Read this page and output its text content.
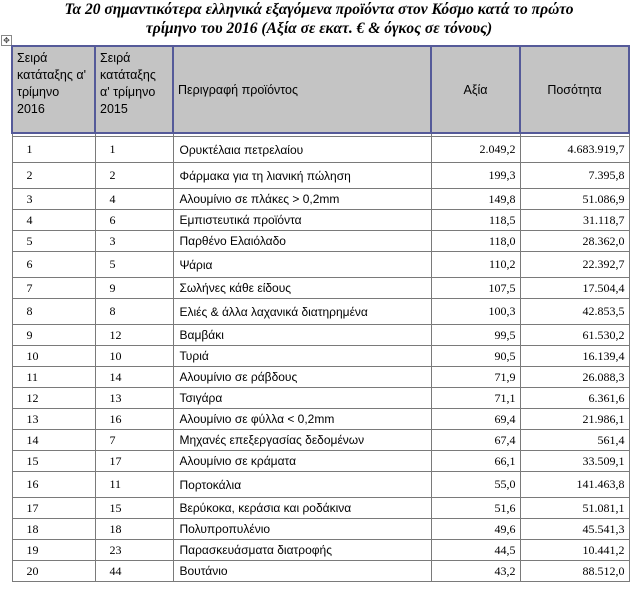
Τα 20 σημαντικότερα ελληνικά εξαγόμενα προϊόντα στον Κόσμο κατά το πρώτο
τρίμηνο του 2016 (Αξία σε εκατ. € & όγκος σε τόνους)
✥
Σειρά κατάταξης α' τρίμηνο 2016	Σειρά κατάταξης α' τρίμηνο 2015	Περιγραφή προϊόντος	Αξία	Ποσότητα

1	1	Ορυκτέλαια πετρελαίου	2.049,2	4.683.919,7
2	2	Φάρμακα για τη λιανική πώληση	199,3	7.395,8
3	4	Αλουμίνιο σε πλάκες > 0,2mm	149,8	51.086,9
4	6	Εμπιστευτικά προϊόντα	118,5	31.118,7
5	3	Παρθένο Ελαιόλαδο	118,0	28.362,0
6	5	Ψάρια	110,2	22.392,7
7	9	Σωλήνες κάθε είδους	107,5	17.504,4
8	8	Ελιές & άλλα λαχανικά διατηρημένα	100,3	42.853,5
9	12	Βαμβάκι	99,5	61.530,2
10	10	Τυριά	90,5	16.139,4
11	14	Αλουμίνιο σε ράβδους	71,9	26.088,3
12	13	Τσιγάρα	71,1	6.361,6
13	16	Αλουμίνιο σε φύλλα < 0,2mm	69,4	21.986,1
14	7	Μηχανές επεξεργασίας δεδομένων	67,4	561,4
15	17	Αλουμίνιο σε κράματα	66,1	33.509,1
16	11	Πορτοκάλια	55,0	141.463,8
17	15	Βερύκοκα, κεράσια και ροδάκινα	51,6	51.081,1
18	18	Πολυπροπυλένιο	49,6	45.541,3
19	23	Παρασκευάσματα διατροφής	44,5	10.441,2
20	44	Βουτάνιο	43,2	88.512,0
